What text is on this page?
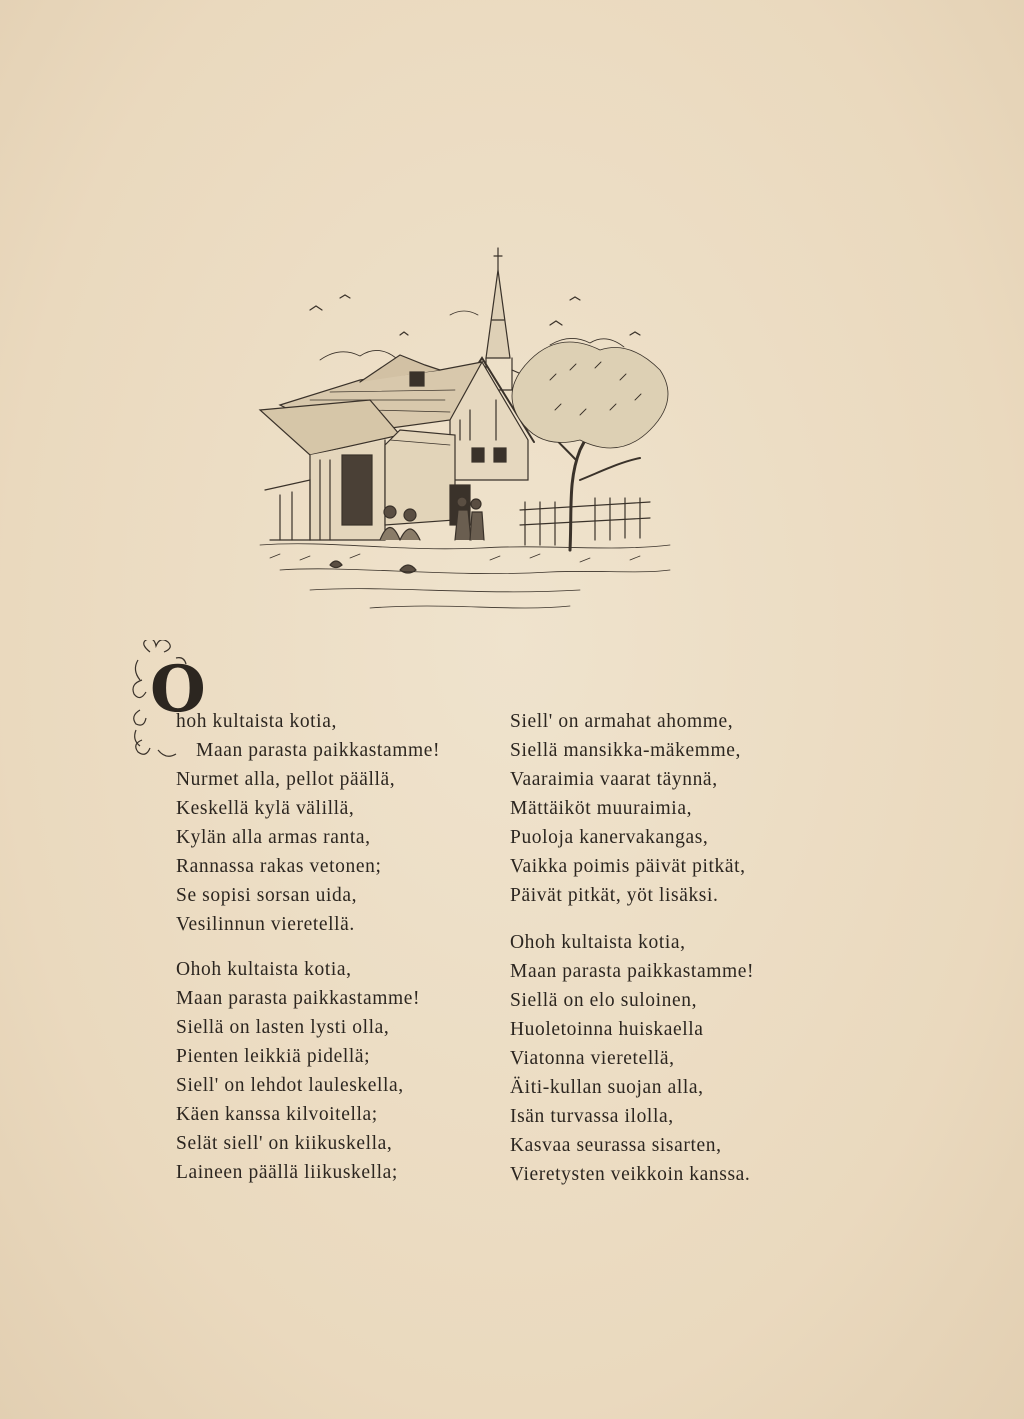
O
hoh kultaista kotia,
Maan parasta paikkastamme!
Nurmet alla, pellot päällä,
Keskellä kylä välillä,
Kylän alla armas ranta,
Rannassa rakas vetonen;
Se sopisi sorsan uida,
Vesilinnun vieretellä.
Ohoh kultaista kotia,
Maan parasta paikkastamme!
Siellä on lasten lysti olla,
Pienten leikkiä pidellä;
Siell' on lehdot lauleskella,
Käen kanssa kilvoitella;
Selät siell' on kiikuskella,
Laineen päällä liikuskella;
Siell' on armahat ahomme,
Siellä mansikka-mäkemme,
Vaaraimia vaarat täynnä,
Mättäiköt muuraimia,
Puoloja kanervakangas,
Vaikka poimis päivät pitkät,
Päivät pitkät, yöt lisäksi.
Ohoh kultaista kotia,
Maan parasta paikkastamme!
Siellä on elo suloinen,
Huoletoinna huiskaella
Viatonna vieretellä,
Äiti-kullan suojan alla,
Isän turvassa ilolla,
Kasvaa seurassa sisarten,
Vieretysten veikkoin kanssa.
